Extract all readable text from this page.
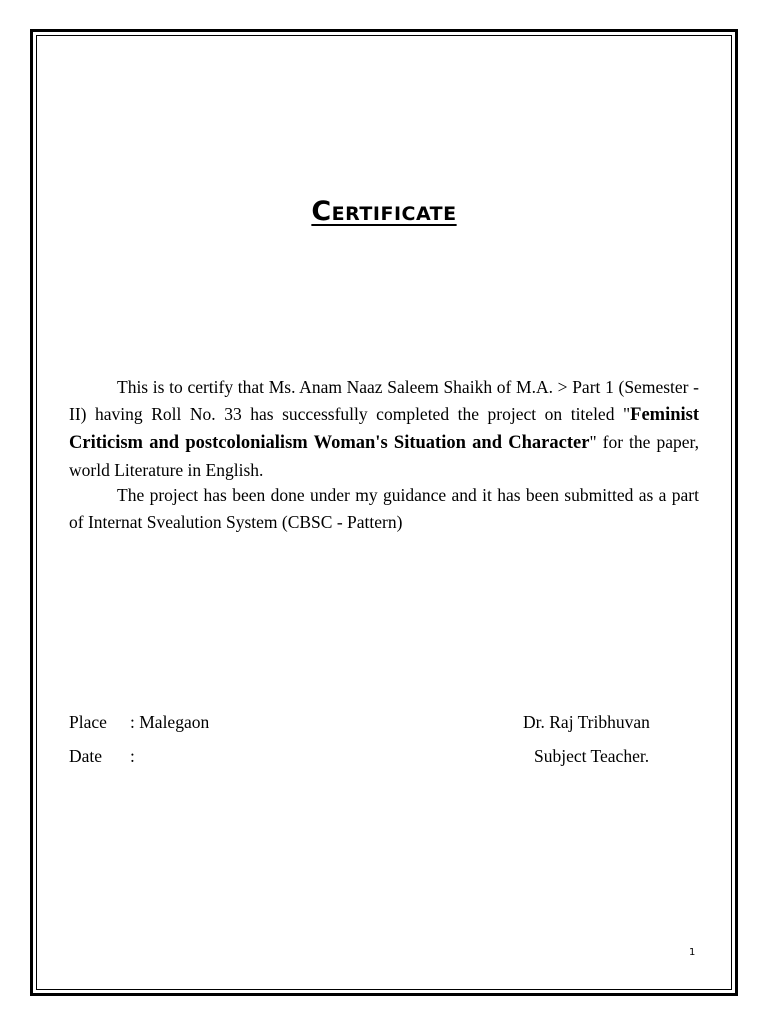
Certificate

This is to certify that Ms. Anam Naaz Saleem Shaikh of M.A. > Part 1 (Semester -II) having Roll No. 33 has successfully completed the project on titeled "Feminist Criticism and postcolonialism Woman's Situation and Character" for the paper, world Literature in English.

The project has been done under my guidance and it has been submitted as a part of Internat Svealution System (CBSC - Pattern)

Place : Malegaon
Date :
Dr. Raj Tribhuvan
Subject Teacher.
1
